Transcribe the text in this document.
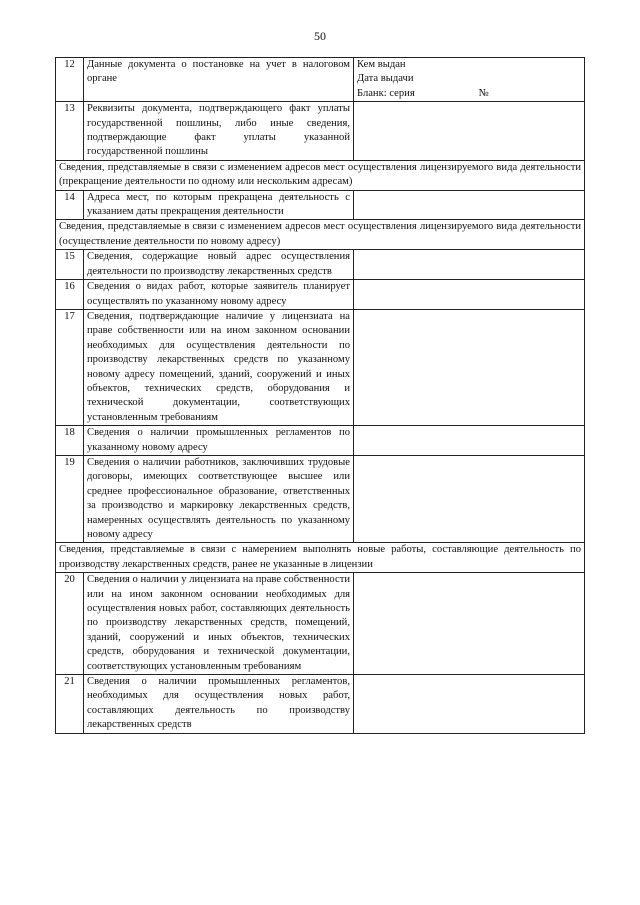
50
12	Данные документа о постановке на учет в налоговом органе	Кем выдан
Дата выдачи
Бланк: серия №

13	Реквизиты документа, подтверждающего факт уплаты государственной пошлины, либо иные сведения, подтверждающие факт уплаты указанной государственной пошлины	
Сведения, представляемые в связи с изменением адресов мест осуществления лицензируемого вида деятельности (прекращение деятельности по одному или нескольким адресам)		
14	Адреса мест, по которым прекращена деятельность с указанием даты прекращения деятельности	
Сведения, представляемые в связи с изменением адресов мест осуществления лицензируемого вида деятельности (осуществление деятельности по новому адресу)		
15	Сведения, содержащие новый адрес осуществления деятельности по производству лекарственных средств	
16	Сведения о видах работ, которые заявитель планирует осуществлять по указанному новому адресу	
17	Сведения, подтверждающие наличие у лицензиата на праве собственности или на ином законном основании необходимых для осуществления деятельности по производству лекарственных средств по указанному новому адресу помещений, зданий, сооружений и иных объектов, технических средств, оборудования и технической документации, соответствующих установленным требованиям	
18	Сведения о наличии промышленных регламентов по указанному новому адресу	
19	Сведения о наличии работников, заключивших трудовые договоры, имеющих соответствующее высшее или среднее профессиональное образование, ответственных за производство и маркировку лекарственных средств, намеренных осуществлять деятельность по указанному новому адресу	
Сведения, представляемые в связи с намерением выполнять новые работы, составляющие деятельность по производству лекарственных средств, ранее не указанные в лицензии		
20	Сведения о наличии у лицензиата на праве собственности или на ином законном основании необходимых для осуществления новых работ, составляющих деятельность по производству лекарственных средств, помещений, зданий, сооружений и иных объектов, технических средств, оборудования и технической документации, соответствующих установленным требованиям	
21	Сведения о наличии промышленных регламентов, необходимых для осуществления новых работ, составляющих деятельность по производству лекарственных средств	
